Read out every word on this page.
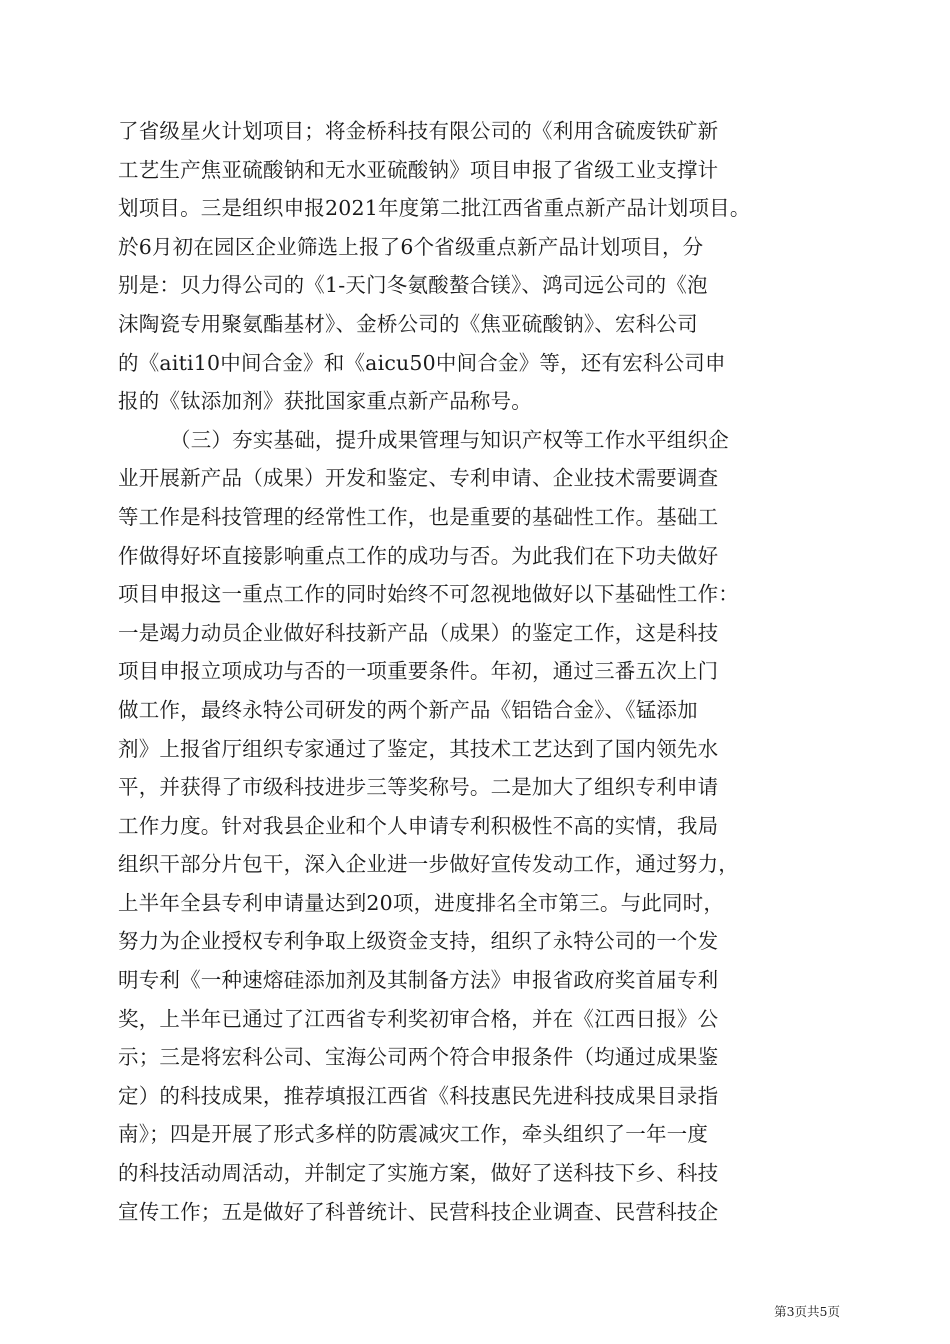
了省级星火计划项目；将金桥科技有限公司的《利用含硫废铁矿新
工艺生产焦亚硫酸钠和无水亚硫酸钠》项目申报了省级工业支撑计
划项目。三是组织申报2021年度第二批江西省重点新产品计划项目。
於6月初在园区企业筛选上报了6个省级重点新产品计划项目，分
别是：贝力得公司的《1-天门冬氨酸螯合镁》、鸿司远公司的《泡
沫陶瓷专用聚氨酯基材》、金桥公司的《焦亚硫酸钠》、宏科公司
的《aiti10中间合金》和《aicu50中间合金》等，还有宏科公司申
报的《钛添加剂》获批国家重点新产品称号。
（三）夯实基础，提升成果管理与知识产权等工作水平组织企
业开展新产品（成果）开发和鉴定、专利申请、企业技术需要调查
等工作是科技管理的经常性工作，也是重要的基础性工作。基础工
作做得好坏直接影响重点工作的成功与否。为此我们在下功夫做好
项目申报这一重点工作的同时始终不可忽视地做好以下基础性工作：
一是竭力动员企业做好科技新产品（成果）的鉴定工作，这是科技
项目申报立项成功与否的一项重要条件。年初，通过三番五次上门
做工作，最终永特公司研发的两个新产品《铝锆合金》、《锰添加
剂》上报省厅组织专家通过了鉴定，其技术工艺达到了国内领先水
平，并获得了市级科技进步三等奖称号。二是加大了组织专利申请
工作力度。针对我县企业和个人申请专利积极性不高的实情，我局
组织干部分片包干，深入企业进一步做好宣传发动工作，通过努力，
上半年全县专利申请量达到20项，进度排名全市第三。与此同时，
努力为企业授权专利争取上级资金支持，组织了永特公司的一个发
明专利《一种速熔硅添加剂及其制备方法》申报省政府奖首届专利
奖，上半年已通过了江西省专利奖初审合格，并在《江西日报》公
示；三是将宏科公司、宝海公司两个符合申报条件（均通过成果鉴
定）的科技成果，推荐填报江西省《科技惠民先进科技成果目录指
南》；四是开展了形式多样的防震减灾工作，牵头组织了一年一度
的科技活动周活动，并制定了实施方案，做好了送科技下乡、科技
宣传工作；五是做好了科普统计、民营科技企业调查、民营科技企
第3页共5页
